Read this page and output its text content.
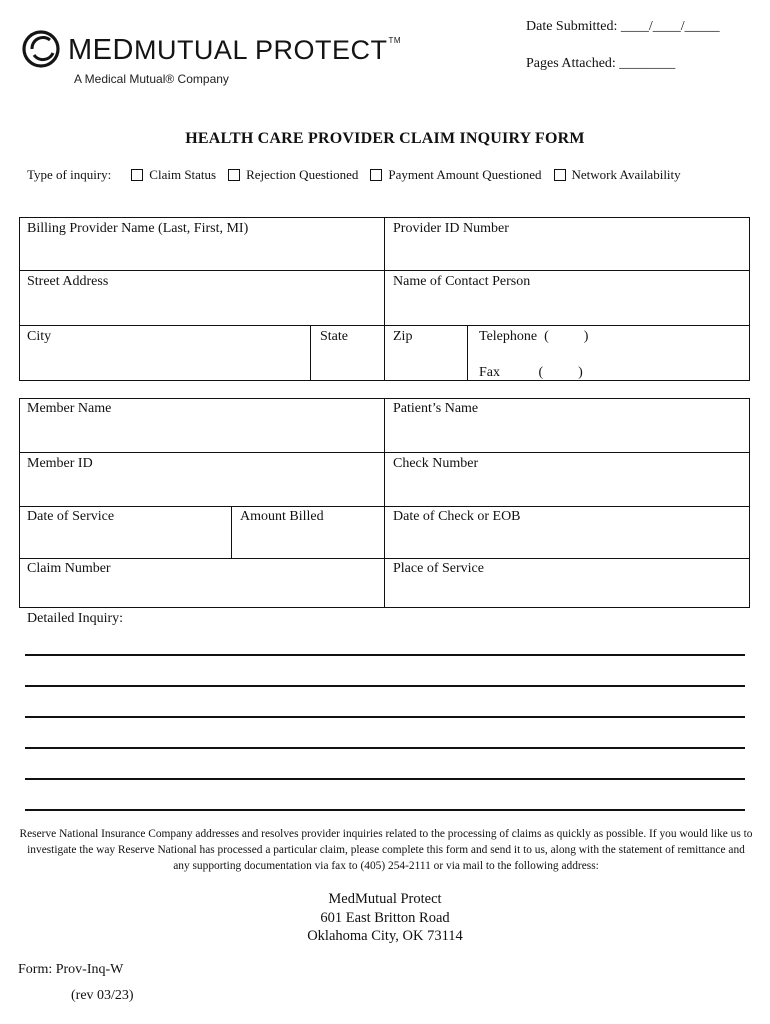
MEDMUTUAL PROTECT™
A Medical Mutual® Company
Date Submitted: ____/____/_____
Pages Attached: ________
HEALTH CARE PROVIDER CLAIM INQUIRY FORM
Type of inquiry:	Claim Status Rejection Questioned Payment Amount Questioned Network Availability
Billing Provider Name (Last, First, MI)	Provider ID Number
Street Address	Name of Contact Person
City	State	Zip	Telephone  (          )
Fax           (          )
Member Name	Patient’s Name
Member ID	Check Number
Date of Service	Amount Billed	Date of Check or EOB
Claim Number	Place of Service
Detailed Inquiry:
Reserve National Insurance Company addresses and resolves provider inquiries related to the processing of claims as quickly as possible. If you would like us to investigate the way Reserve National has processed a particular claim, please complete this form and send it to us, along with the statement of remittance and any supporting documentation via fax to (405) 254-2111 or via mail to the following address:
MedMutual Protect
601 East Britton Road
Oklahoma City, OK 73114
Form: Prov-Inq-W
(rev 03/23)
